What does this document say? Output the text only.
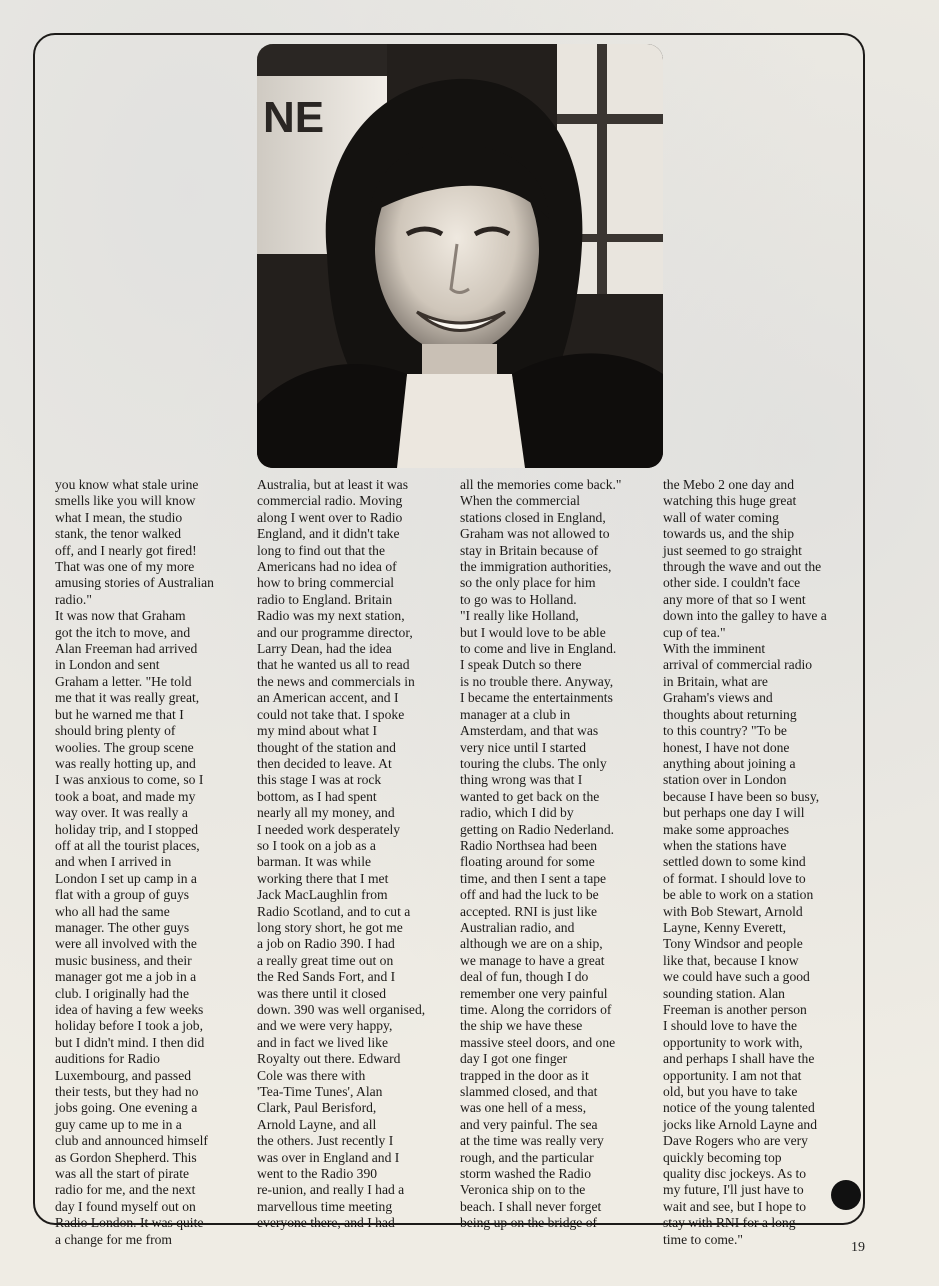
NE
you know what stale urine
smells like you will know
what I mean, the studio
stank, the tenor walked
off, and I nearly got fired!
That was one of my more
amusing stories of Australian
radio."
It was now that Graham
got the itch to move, and
Alan Freeman had arrived
in London and sent
Graham a letter. "He told
me that it was really great,
but he warned me that I
should bring plenty of
woolies. The group scene
was really hotting up, and
I was anxious to come, so I
took a boat, and made my
way over. It was really a
holiday trip, and I stopped
off at all the tourist places,
and when I arrived in
London I set up camp in a
flat with a group of guys
who all had the same
manager. The other guys
were all involved with the
music business, and their
manager got me a job in a
club. I originally had the
idea of having a few weeks
holiday before I took a job,
but I didn't mind. I then did
auditions for Radio
Luxembourg, and passed
their tests, but they had no
jobs going. One evening a
guy came up to me in a
club and announced himself
as Gordon Shepherd. This
was all the start of pirate
radio for me, and the next
day I found myself out on
Radio London. It was quite
a change for me from
Australia, but at least it was
commercial radio. Moving
along I went over to Radio
England, and it didn't take
long to find out that the
Americans had no idea of
how to bring commercial
radio to England. Britain
Radio was my next station,
and our programme director,
Larry Dean, had the idea
that he wanted us all to read
the news and commercials in
an American accent, and I
could not take that. I spoke
my mind about what I
thought of the station and
then decided to leave. At
this stage I was at rock
bottom, as I had spent
nearly all my money, and
I needed work desperately
so I took on a job as a
barman. It was while
working there that I met
Jack MacLaughlin from
Radio Scotland, and to cut a
long story short, he got me
a job on Radio 390. I had
a really great time out on
the Red Sands Fort, and I
was there until it closed
down. 390 was well organised,
and we were very happy,
and in fact we lived like
Royalty out there. Edward
Cole was there with
'Tea-Time Tunes', Alan
Clark, Paul Berisford,
Arnold Layne, and all
the others. Just recently I
was over in England and I
went to the Radio 390
re-union, and really I had a
marvellous time meeting
everyone there, and I had
all the memories come back."
When the commercial
stations closed in England,
Graham was not allowed to
stay in Britain because of
the immigration authorities,
so the only place for him
to go was to Holland.
"I really like Holland,
but I would love to be able
to come and live in England.
I speak Dutch so there
is no trouble there. Anyway,
I became the entertainments
manager at a club in
Amsterdam, and that was
very nice until I started
touring the clubs. The only
thing wrong was that I
wanted to get back on the
radio, which I did by
getting on Radio Nederland.
Radio Northsea had been
floating around for some
time, and then I sent a tape
off and had the luck to be
accepted. RNI is just like
Australian radio, and
although we are on a ship,
we manage to have a great
deal of fun, though I do
remember one very painful
time. Along the corridors of
the ship we have these
massive steel doors, and one
day I got one finger
trapped in the door as it
slammed closed, and that
was one hell of a mess,
and very painful. The sea
at the time was really very
rough, and the particular
storm washed the Radio
Veronica ship on to the
beach. I shall never forget
being up on the bridge of
the Mebo 2 one day and
watching this huge great
wall of water coming
towards us, and the ship
just seemed to go straight
through the wave and out the
other side. I couldn't face
any more of that so I went
down into the galley to have a
cup of tea."
With the imminent
arrival of commercial radio
in Britain, what are
Graham's views and
thoughts about returning
to this country? "To be
honest, I have not done
anything about joining a
station over in London
because I have been so busy,
but perhaps one day I will
make some approaches
when the stations have
settled down to some kind
of format. I should love to
be able to work on a station
with Bob Stewart, Arnold
Layne, Kenny Everett,
Tony Windsor and people
like that, because I know
we could have such a good
sounding station. Alan
Freeman is another person
I should love to have the
opportunity to work with,
and perhaps I shall have the
opportunity. I am not that
old, but you have to take
notice of the young talented
jocks like Arnold Layne and
Dave Rogers who are very
quickly becoming top
quality disc jockeys. As to
my future, I'll just have to
wait and see, but I hope to
stay with RNI for a long
time to come."
19
